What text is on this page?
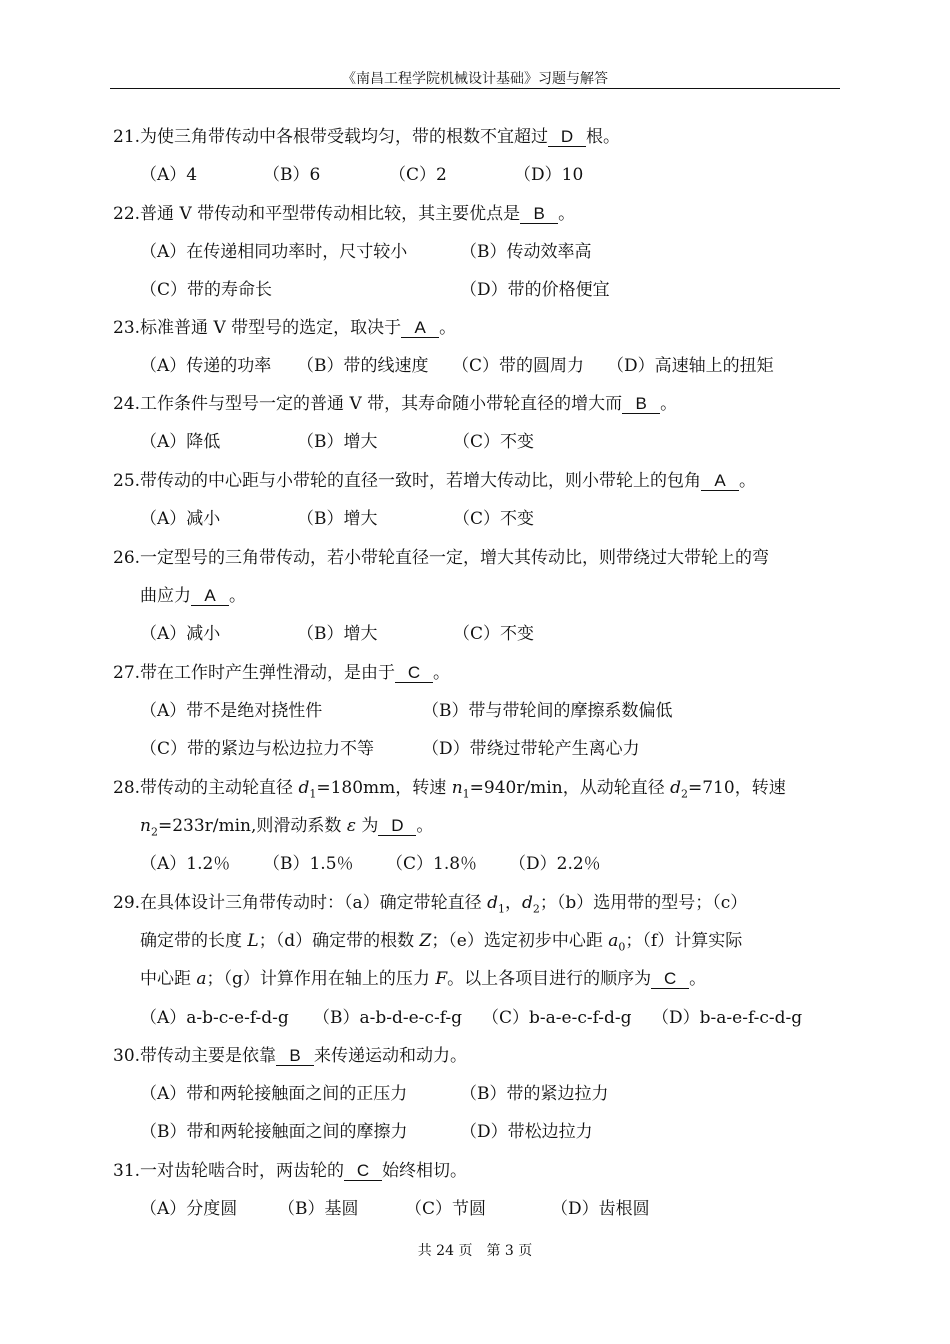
《南昌工程学院机械设计基础》习题与解答
21.为使三角带传动中各根带受载均匀，带的根数不宜超过 D 根。
（A）4	（B）6	（C）2	（D）10
22.普通 V 带传动和平型带传动相比较，其主要优点是 B 。
（A）在传递相同功率时，尺寸较小	（B）传动效率高
（C）带的寿命长	（D）带的价格便宜
23.标准普通 V 带型号的选定，取决于 A 。
（A）传递的功率 （B）带的线速度 （C）带的圆周力 （D）高速轴上的扭矩
24.工作条件与型号一定的普通 V 带，其寿命随小带轮直径的增大而 B 。
（A）降低	（B）增大	（C）不变
25.带传动的中心距与小带轮的直径一致时，若增大传动比，则小带轮上的包角 A 。
（A）减小	（B）增大	（C）不变
26.一定型号的三角带传动，若小带轮直径一定，增大其传动比，则带绕过大带轮上的弯
曲应力 A 。
（A）减小	（B）增大	（C）不变
27.带在工作时产生弹性滑动，是由于 C 。
（A）带不是绝对挠性件	（B）带与带轮间的摩擦系数偏低
（C）带的紧边与松边拉力不等	（D）带绕过带轮产生离心力
28.带传动的主动轮直径 $d_1=180mm$，转速 $n_1=940r/\min$，从动轮直径 $d_2=710$，转速
$n_2=233r/\min$,则滑动系数 ε 为 D 。
（A）1.2％ （B）1.5％ （C）1.8％ （D）2.2％
29.在具体设计三角带传动时：（a）确定带轮直径 $d_1$，$d_2$；（b）选用带的型号；（c）
确定带的长度 L；（d）确定带的根数 Z；（e）选定初步中心距 $a_0$；（f）计算实际
中心距 a；（g）计算作用在轴上的压力 F。以上各项目进行的顺序为 C 。
（A）a-b-c-e-f-d-g （B）a-b-d-e-c-f-g （C）b-a-e-c-f-d-g （D）b-a-e-f-c-d-g
30.带传动主要是依靠 B 来传递运动和动力。
（A）带和两轮接触面之间的正压力	（B）带的紧边拉力
（B）带和两轮接触面之间的摩擦力	（D）带松边拉力
31.一对齿轮啮合时，两齿轮的 C 始终相切。
（A）分度圆 （B）基圆	（C）节圆	（D）齿根圆
共 24 页　第 3 页
